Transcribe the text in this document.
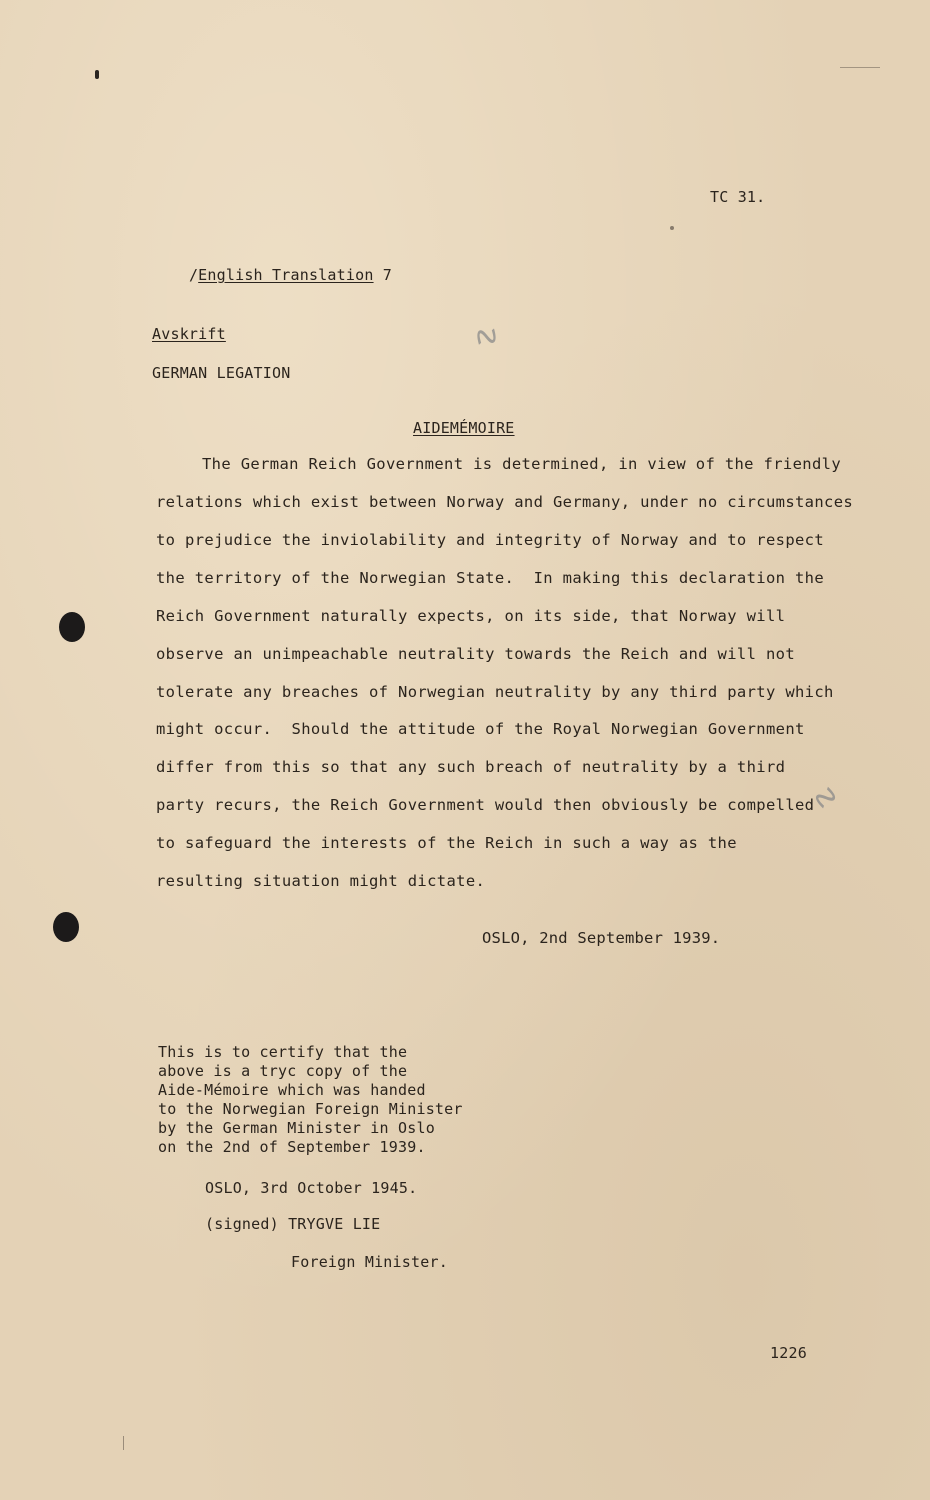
∿
∿
TC 31.

/English Translation 7

Avskrift
GERMAN LEGATION
AIDEMÉMOIRE
The German Reich Government is determined, in view of the friendly
relations which exist between Norway and Germany, under no circumstances
to prejudice the inviolability and integrity of Norway and to respect
the territory of the Norwegian State.  In making this declaration the
Reich Government naturally expects, on its side, that Norway will
observe an unimpeachable neutrality towards the Reich and will not
tolerate any breaches of Norwegian neutrality by any third party which
might occur.  Should the attitude of the Royal Norwegian Government
differ from this so that any such breach of neutrality by a third
party recurs, the Reich Government would then obviously be compelled
to safeguard the interests of the Reich in such a way as the
resulting situation might dictate.
OSLO, 2nd September 1939.
This is to certify that the
above is a tryc copy of the
Aide-Mémoire which was handed
to the Norwegian Foreign Minister
by the German Minister in Oslo
on the 2nd of September 1939.
OSLO, 3rd October 1945.
(signed) TRYGVE LIE
Foreign Minister.
1226
